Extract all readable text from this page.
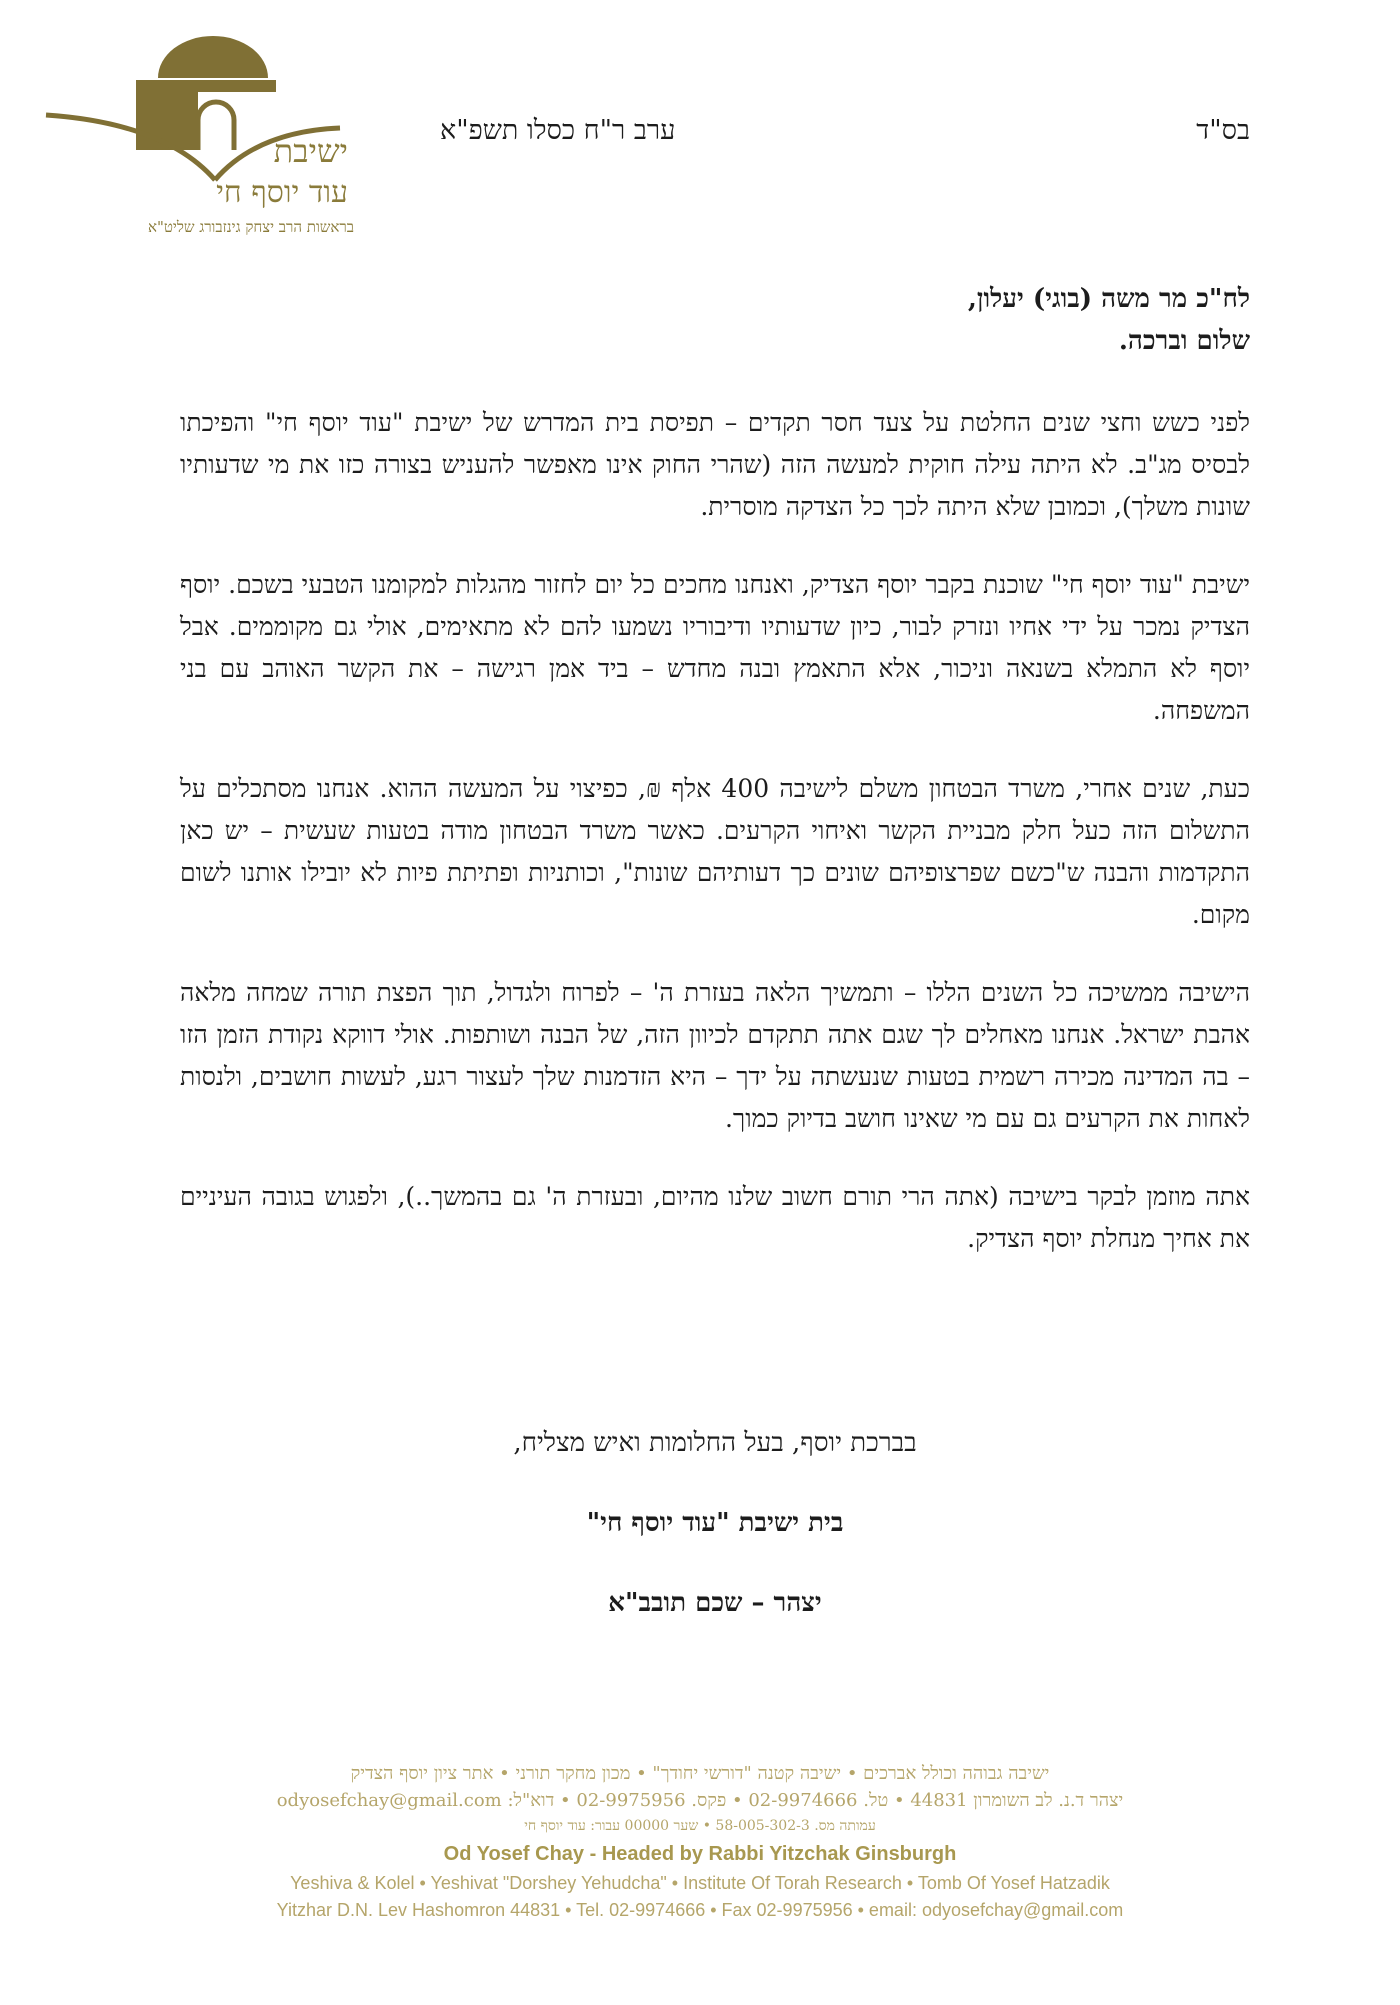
ישיבת
עוד יוסף חי
בראשות הרב יצחק גינזבורג שליט"א
בס"ד
ערב ר"ח כסלו תשפ"א
לח"כ מר משה (בוגי) יעלון,
שלום וברכה.

לפני כשש וחצי שנים החלטת על צעד חסר תקדים – תפיסת בית המדרש של ישיבת "עוד יוסף חי" והפיכתו לבסיס מג"ב. לא היתה עילה חוקית למעשה הזה (שהרי החוק אינו מאפשר להעניש בצורה כזו את מי שדעותיו שונות משלך), וכמובן שלא היתה לכך כל הצדקה מוסרית.

ישיבת "עוד יוסף חי" שוכנת בקבר יוסף הצדיק, ואנחנו מחכים כל יום לחזור מהגלות למקומנו הטבעי בשכם. יוסף הצדיק נמכר על ידי אחיו ונזרק לבור, כיון שדעותיו ודיבוריו נשמעו להם לא מתאימים, אולי גם מקוממים. אבל יוסף לא התמלא בשנאה וניכור, אלא התאמץ ובנה מחדש – ביד אמן רגישה – את הקשר האוהב עם בני המשפחה.

כעת, שנים אחרי, משרד הבטחון משלם לישיבה 400 אלף ₪, כפיצוי על המעשה ההוא. אנחנו מסתכלים על התשלום הזה כעל חלק מבניית הקשר ואיחוי הקרעים. כאשר משרד הבטחון מודה בטעות שעשית – יש כאן התקדמות והבנה ש"כשם שפרצופיהם שונים כך דעותיהם שונות", וכותניות ופתיתת פיות לא יובילו אותנו לשום מקום.

הישיבה ממשיכה כל השנים הללו – ותמשיך הלאה בעזרת ה' – לפרוח ולגדול, תוך הפצת תורה שמחה מלאה אהבת ישראל. אנחנו מאחלים לך שגם אתה תתקדם לכיוון הזה, של הבנה ושותפות. אולי דווקא נקודת הזמן הזו – בה המדינה מכירה רשמית בטעות שנעשתה על ידך – היא הזדמנות שלך לעצור רגע, לעשות חושבים, ולנסות לאחות את הקרעים גם עם מי שאינו חושב בדיוק כמוך.

אתה מוזמן לבקר בישיבה (אתה הרי תורם חשוב שלנו מהיום, ובעזרת ה' גם בהמשך..), ולפגוש בגובה העיניים את אחיך מנחלת יוסף הצדיק.

בברכת יוסף, בעל החלומות ואיש מצליח,
בית ישיבת "עוד יוסף חי"
יצהר – שכם תובב"א
ישיבה גבוהה וכולל אברכים • ישיבה קטנה "דורשי יחודך" • מכון מחקר תורני • אתר ציון יוסף הצדיק
יצהר ד.נ. לב השומרון 44831 • טל. 02-9974666 • פקס. 02-9975956 • דוא"ל: odyosefchay@gmail.com
עמותה מס. 58-005-302-3 • שער 00000 עבור: עוד יוסף חי
Od Yosef Chay - Headed by Rabbi Yitzchak Ginsburgh
Yeshiva & Kolel • Yeshivat "Dorshey Yehudcha" • Institute Of Torah Research • Tomb Of Yosef Hatzadik
Yitzhar D.N. Lev Hashomron 44831 • Tel. 02-9974666 • Fax 02-9975956 • email: odyosefchay@gmail.com
